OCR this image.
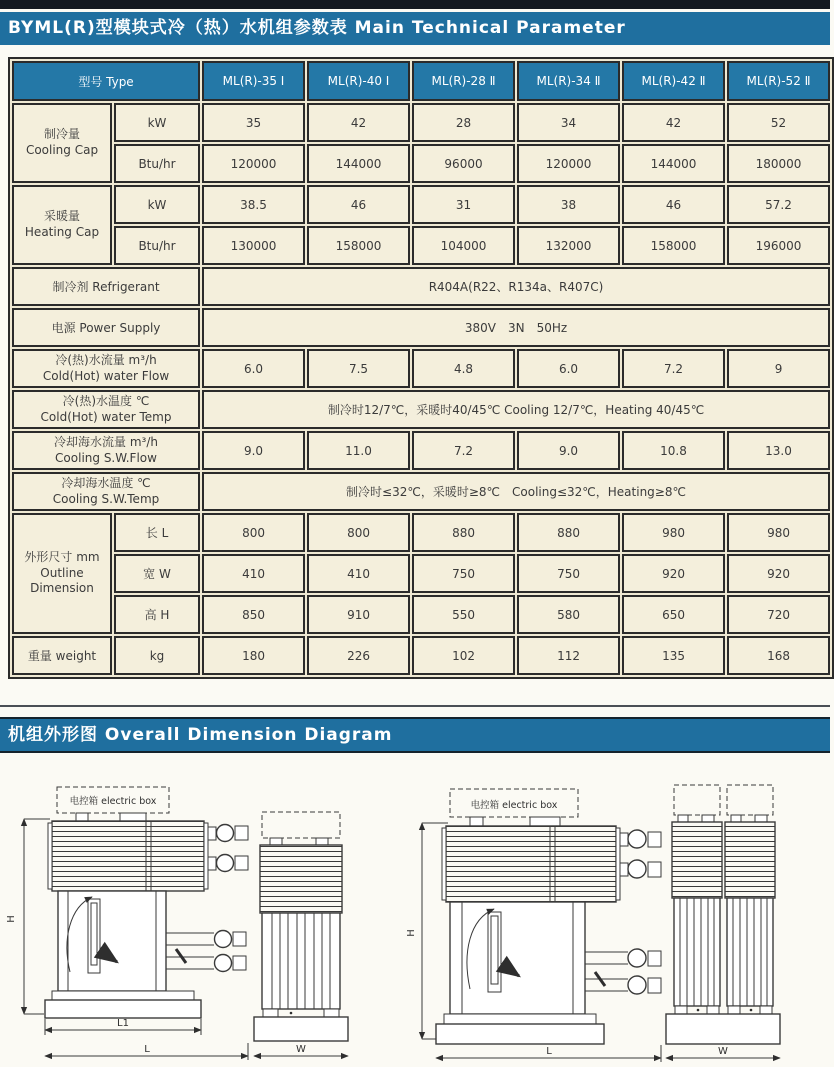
BYML(R)型模块式冷（热）水机组参数表 Main Technical Parameter
型号 Type		ML(R)-35 Ⅰ	ML(R)-40 Ⅰ	ML(R)-28 Ⅱ	ML(R)-34 Ⅱ	ML(R)-42 Ⅱ	ML(R)-52 Ⅱ

制冷量
Cooling Cap	kW	35	42	28	34	42	52
	Btu/hr	120000	144000	96000	120000	144000	180000

采暖量
Heating Cap	kW	38.5	46	31	38	46	57.2
	Btu/hr	130000	158000	104000	132000	158000	196000
制冷剂 Refrigerant		R404A(R22、R134a、R407C)					
电源 Power Supply		380V　3N　50Hz					

冷(热)水流量 m³/h
Cold(Hot) water Flow		6.0	7.5	4.8	6.0	7.2	9

冷(热)水温度 ℃
Cold(Hot) water Temp		制冷时12/7℃，采暖时40/45℃ Cooling 12/7℃，Heating 40/45℃					

冷却海水流量 m³/h
Cooling S.W.Flow		9.0	11.0	7.2	9.0	10.8	13.0

冷却海水温度 ℃
Cooling S.W.Temp		制冷时≤32℃，采暖时≥8℃　Cooling≤32℃，Heating≥8℃					

外形尺寸 mm
Outline Dimension	长 L	800	800	880	880	980	980
	宽 W	410	410	750	750	920	920
	高 H	850	910	550	580	650	720
重量 weight	kg	180	226	102	112	135	168
机组外形图 Overall Dimension Diagram
电控箱 electric box
H
L1
L	W
电控箱 electric box
H
L	W
